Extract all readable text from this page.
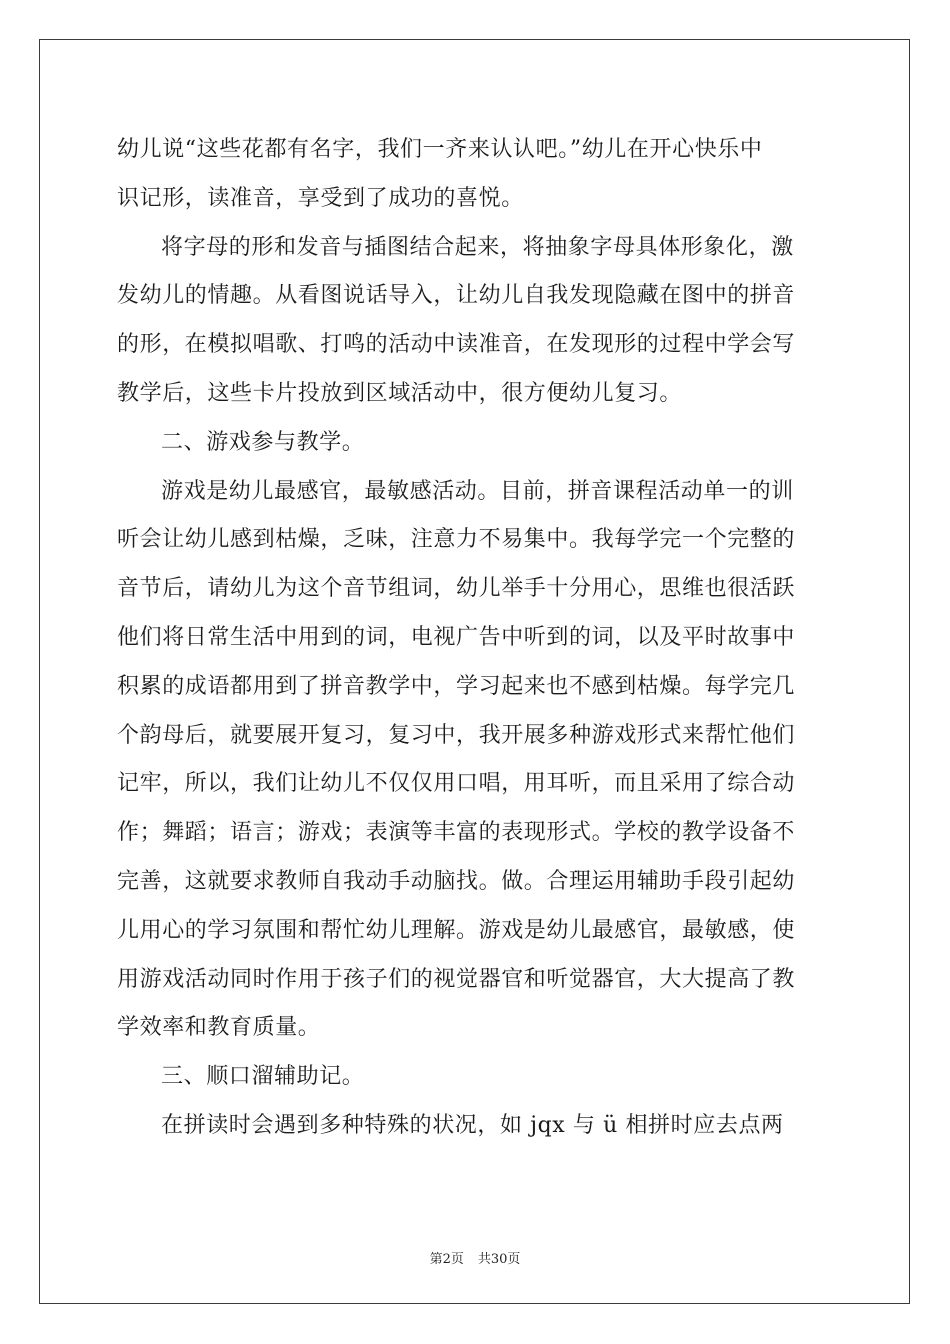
幼儿说“这些花都有名字，我们一齐来认认吧。”幼儿在开心快乐中
识记形，读准音，享受到了成功的喜悦。
将字母的形和发音与插图结合起来，将抽象字母具体形象化，激
发幼儿的情趣。从看图说话导入，让幼儿自我发现隐藏在图中的拼音
的形，在模拟唱歌、打鸣的活动中读准音，在发现形的过程中学会写
教学后，这些卡片投放到区域活动中，很方便幼儿复习。
二、游戏参与教学。
游戏是幼儿最感官，最敏感活动。目前，拼音课程活动单一的训
听会让幼儿感到枯燥，乏味，注意力不易集中。我每学完一个完整的
音节后，请幼儿为这个音节组词，幼儿举手十分用心，思维也很活跃
他们将日常生活中用到的词，电视广告中听到的词，以及平时故事中
积累的成语都用到了拼音教学中，学习起来也不感到枯燥。每学完几
个韵母后，就要展开复习，复习中，我开展多种游戏形式来帮忙他们
记牢，所以，我们让幼儿不仅仅用口唱，用耳听，而且采用了综合动
作；舞蹈；语言；游戏；表演等丰富的表现形式。学校的教学设备不
完善，这就要求教师自我动手动脑找。做。合理运用辅助手段引起幼
儿用心的学习氛围和帮忙幼儿理解。游戏是幼儿最感官，最敏感，使
用游戏活动同时作用于孩子们的视觉器官和听觉器官，大大提高了教
学效率和教育质量。
三、顺口溜辅助记。
在拼读时会遇到多种特殊的状况，如 jqx 与 ü 相拼时应去点两
第2页 共30页
